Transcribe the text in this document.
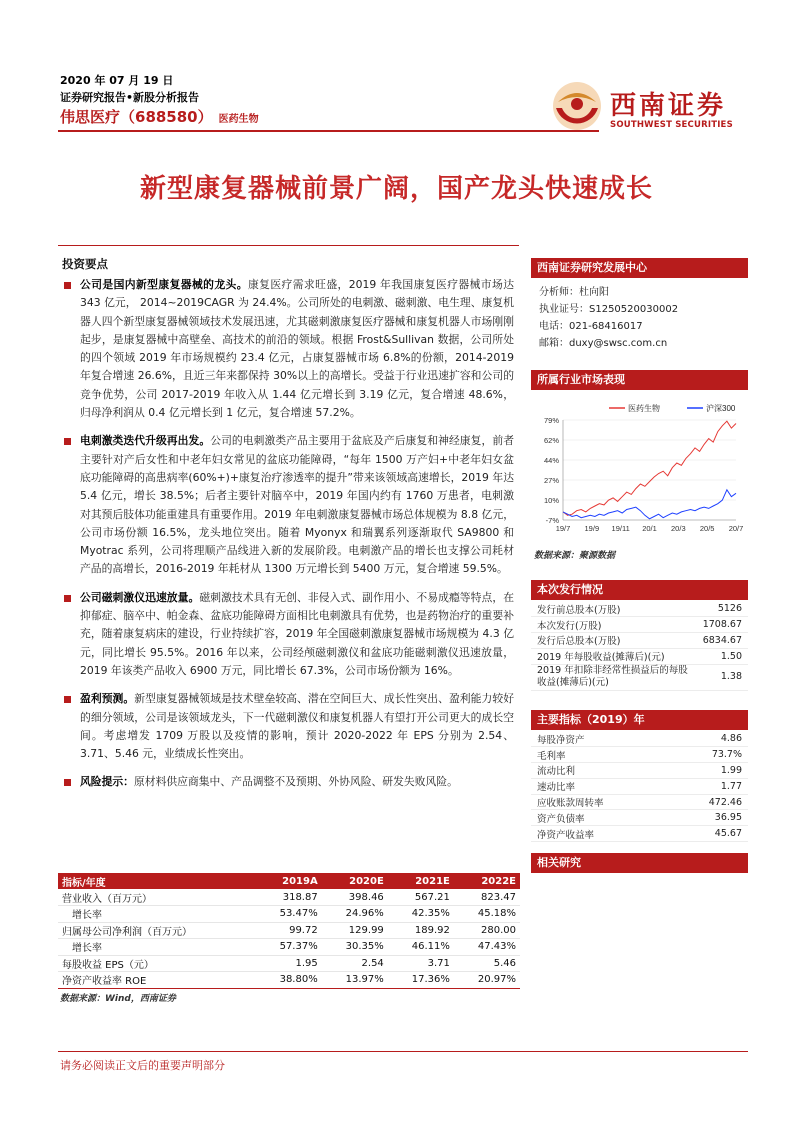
2020 年 07 月 19 日
证券研究报告•新股分析报告
伟思医疗（688580） 医药生物	西南证券
SOUTHWEST SECURITIES
新型康复器械前景广阔，国产龙头快速成长
投资要点
公司是国内新型康复器械的龙头。康复医疗需求旺盛，2019 年我国康复医疗器械市场达 343 亿元， 2014~2019CAGR 为 24.4%。公司所处的电刺激、磁刺激、电生理、康复机器人四个新型康复器械领域技术发展迅速，尤其磁刺激康复医疗器械和康复机器人市场刚刚起步，是康复器械中高壁垒、高技术的前沿的领域。根据 Frost&Sullivan 数据，公司所处的四个领域 2019 年市场规模约 23.4 亿元，占康复器械市场 6.8%的份额，2014-2019 年复合增速 26.6%，且近三年来都保持 30%以上的高增长。受益于行业迅速扩容和公司的竞争优势，公司 2017-2019 年收入从 1.44 亿元增长到 3.19 亿元，复合增速 48.6%，归母净利润从 0.4 亿元增长到 1 亿元，复合增速 57.2%。
电刺激类迭代升级再出发。公司的电刺激类产品主要用于盆底及产后康复和神经康复，前者主要针对产后女性和中老年妇女常见的盆底功能障碍，“每年 1500 万产妇+中老年妇女盆底功能障碍的高患病率(60%+)+康复治疗渗透率的提升”带来该领域高速增长，2019 年达 5.4 亿元，增长 38.5%；后者主要针对脑卒中，2019 年国内约有 1760 万患者，电刺激对其预后肢体功能重建具有重要作用。2019 年电刺激康复器械市场总体规模为 8.8 亿元，公司市场份额 16.5%，龙头地位突出。随着 Myonyx 和瑞翼系列逐渐取代 SA9800 和 Myotrac 系列，公司将理顺产品线进入新的发展阶段。电刺激产品的增长也支撑公司耗材产品的高增长，2016-2019 年耗材从 1300 万元增长到 5400 万元，复合增速 59.5%。
公司磁刺激仪迅速放量。磁刺激技术具有无创、非侵入式、副作用小、不易成瘾等特点，在抑郁症、脑卒中、帕金森、盆底功能障碍方面相比电刺激具有优势，也是药物治疗的重要补充，随着康复病床的建设，行业持续扩容，2019 年全国磁刺激康复器械市场规模为 4.3 亿元，同比增长 95.5%。2016 年以来，公司经颅磁刺激仪和盆底功能磁刺激仪迅速放量，2019 年该类产品收入 6900 万元，同比增长 67.3%，公司市场份额为 16%。
盈利预测。新型康复器械领域是技术壁垒较高、潜在空间巨大、成长性突出、盈利能力较好的细分领域，公司是该领域龙头，下一代磁刺激仪和康复机器人有望打开公司更大的成长空间。考虑增发 1709 万股以及疫情的影响，预计 2020-2022 年 EPS 分别为 2.54、3.71、5.46 元，业绩成长性突出。
风险提示：原材料供应商集中、产品调整不及预期、外协风险、研发失败风险。
指标/年度	2019A	2020E	2021E	2022E
营业收入（百万元）	318.87	398.46	567.21	823.47
增长率	53.47%	24.96%	42.35%	45.18%
归属母公司净利润（百万元）	99.72	129.99	189.92	280.00
增长率	57.37%	30.35%	46.11%	47.43%
每股收益 EPS（元）	1.95	2.54	3.71	5.46
净资产收益率 ROE	38.80%	13.97%	17.36%	20.97%
数据来源：Wind，西南证券
西南证券研究发展中心
分析师：杜向阳
执业证号：S1250520030002
电话：021-68416017
邮箱：duxy@swsc.com.cn
所属行业市场表现
79%
62%
44%
27%
10%
-7%
19/7 19/9 19/11 20/1 20/3 20/5 20/7
医药生物	沪深300
数据来源：聚源数据
本次发行情况
发行前总股本(万股)	5126
本次发行(万股)	1708.67
发行后总股本(万股)	6834.67
2019 年每股收益(摊薄后)(元)	1.50
2019 年扣除非经常性损益后的每股收益(摊薄后)(元)	1.38
主要指标（2019）年
每股净资产	4.86
毛利率	73.7%
流动比利	1.99
速动比率	1.77
应收账款周转率	472.46
资产负债率	36.95
净资产收益率	45.67
相关研究
请务必阅读正文后的重要声明部分
